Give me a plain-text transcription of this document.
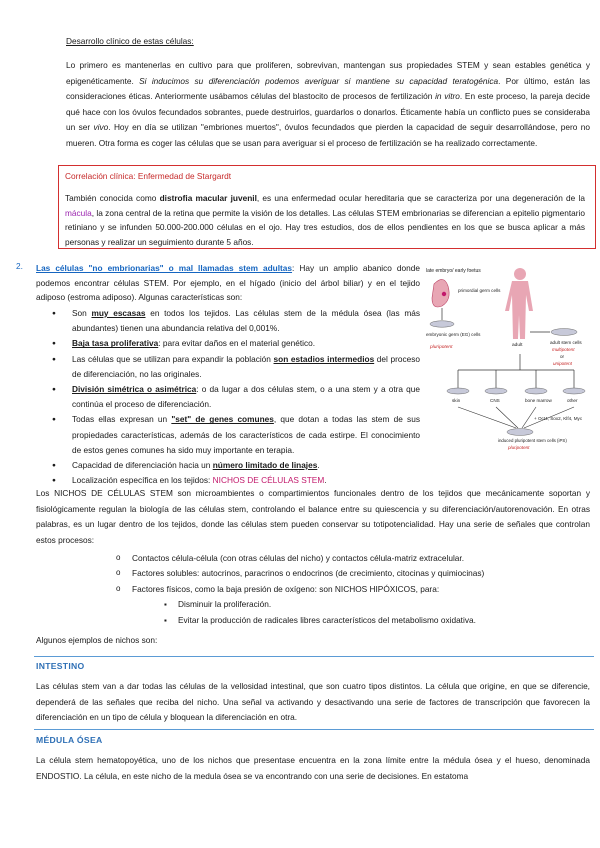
Desarrollo clínico de estas células:

Lo primero es mantenerlas en cultivo para que proliferen, sobrevivan, mantengan sus propiedades STEM y sean estables genética y epigenéticamente. Si inducimos su diferenciación podemos averiguar si mantiene su capacidad teratogénica. Por último, están las consideraciones éticas. Anteriormente usábamos células del blastocito de procesos de fertilización in vitro. En este proceso, la pareja decide qué hace con los óvulos fecundados sobrantes, puede destruirlos, guardarlos o donarlos. Éticamente había un conflicto pues se consideraba un ser vivo. Hoy en día se utilizan "embriones muertos", óvulos fecundados que pierden la capacidad de seguir desarrollándose, pero no mueren. Otra forma es coger las células que se usan para averiguar si el proceso de fertilización se ha realizado correctamente.

Correlación clínica: Enfermedad de Stargardt
También conocida como distrofia macular juvenil, es una enfermedad ocular hereditaria que se caracteriza por una degeneración de la mácula, la zona central de la retina que permite la visión de los detalles. Las células STEM embrionarias se diferencian a epitelio pigmentario retiniano y se infunden 50.000-200.000 células en el ojo. Hay tres estudios, dos de ellos pendientes en los que se busca aplicar a más personas y realizar un seguimiento durante 5 años.
2. Las células "no embrionarias" o mal llamadas stem adultas: Hay un amplio abanico donde podemos encontrar células STEM. Por ejemplo, en el hígado (inicio del árbol biliar) y en el tejido adiposo (estroma adiposo). Algunas características son:

● Son muy escasas en todos los tejidos. Las células stem de la médula ósea (las más abundantes) tienen una abundancia relativa del 0,001%.
● Baja tasa proliferativa: para evitar daños en el material genético.
● Las células que se utilizan para expandir la población son estadios intermedios del proceso de diferenciación, no las originales.
● División simétrica o asimétrica: o da lugar a dos células stem, o a una stem y a otra que continúa el proceso de diferenciación.
● Todas ellas expresan un "set" de genes comunes, que dotan a todas las stem de sus propiedades características, además de los característicos de cada estirpe. El conocimiento de estos genes comunes ha sido muy importante en terapia.
● Capacidad de diferenciación hacia un número limitado de linajes.
● Localización específica en los tejidos: NICHOS DE CÉLULAS STEM.
late embryo/ early foetus
primordial germ cells
embryonic germ (EG) cells
pluripotent	adult
adult stem cells
multipotent
or
unipotent
skin	CNS	bone marrow	other
+ Oct4, Sox2, Klf4, Myc
induced pluripotent stem cells (iPS)
pluripotent

Los NICHOS DE CÉLULAS STEM son microambientes o compartimientos funcionales dentro de los tejidos que mecánicamente soportan y fisiológicamente regulan la biología de las células stem, controlando el balance entre su quiescencia y su diferenciación/autorenovación. En otras palabras, es un lugar dentro de los tejidos, donde las células stem pueden conservar su totipotencialidad. Hay una serie de señales que controlan estos procesos:

o Contactos célula-célula (con otras células del nicho) y contactos célula-matriz extracelular.
o Factores solubles: autocrinos, paracrinos o endocrinos (de crecimiento, citocinas y quimiocinas)
o Factores físicos, como la baja presión de oxígeno: son NICHOS HIPÓXICOS, para:
▪ Disminuir la proliferación.
▪ Evitar la producción de radicales libres característicos del metabolismo oxidativa.

Algunos ejemplos de nichos son:

INTESTINO

Las células stem van a dar todas las células de la vellosidad intestinal, que son cuatro tipos distintos. La célula que origine, en que se diferencie, dependerá de las señales que reciba del nicho. Una señal va activando y desactivando una serie de factores de transcripción que favorecen la diferenciación en un tipo de célula y bloquean la diferenciación en otra.

MÉDULA ÓSEA

La célula stem hematopoyética, uno de los nichos que presentase encuentra en la zona límite entre la médula ósea y el hueso, denominada ENDOSTIO. La célula, en este nicho de la medula ósea se va encontrando con una serie de decisiones. En estatoma
